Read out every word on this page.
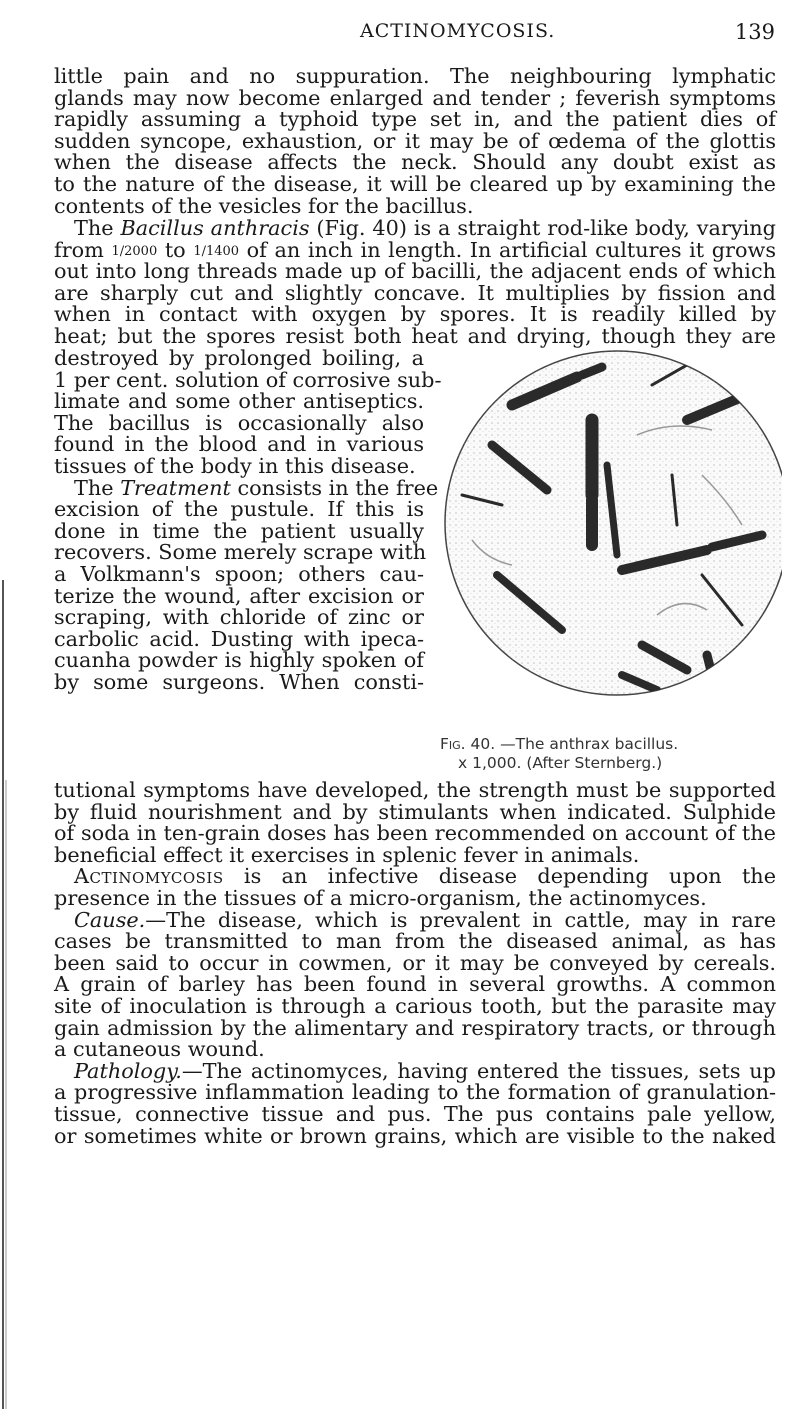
ACTINOMYCOSIS.	139
little pain and no suppuration. The neighbouring lymphatic
glands may now become enlarged and tender ; feverish symptoms
rapidly assuming a typhoid type set in, and the patient dies of
sudden syncope, exhaustion, or it may be of œdema of the glottis
when the disease affects the neck. Should any doubt exist as
to the nature of the disease, it will be cleared up by examining the
contents of the vesicles for the bacillus.
The Bacillus anthracis (Fig. 40) is a straight rod-like body, varying
from 1/2000 to 1/1400 of an inch in length. In artificial cultures it grows
out into long threads made up of bacilli, the adjacent ends of which
are sharply cut and slightly concave. It multiplies by fission and
when in contact with oxygen by spores. It is readily killed by
heat; but the spores resist both heat and drying, though they are
destroyed by prolonged boiling, a
1 per cent. solution of corrosive sub-
limate and some other antiseptics.
The bacillus is occasionally also
found in the blood and in various
tissues of the body in this disease.
The Treatment consists in the free
excision of the pustule. If this is
done in time the patient usually
recovers. Some merely scrape with
a Volkmann's spoon; others cau-
terize the wound, after excision or
scraping, with chloride of zinc or
carbolic acid. Dusting with ipeca-
cuanha powder is highly spoken of
by some surgeons. When consti-
Fig. 40. —The anthrax bacillus.
x 1,000. (After Sternberg.)
tutional symptoms have developed, the strength must be supported
by fluid nourishment and by stimulants when indicated. Sulphide
of soda in ten-grain doses has been recommended on account of the
beneficial effect it exercises in splenic fever in animals.
Actinomycosis is an infective disease depending upon the
presence in the tissues of a micro-organism, the actinomyces.
Cause.—The disease, which is prevalent in cattle, may in rare
cases be transmitted to man from the diseased animal, as has
been said to occur in cowmen, or it may be conveyed by cereals.
A grain of barley has been found in several growths. A common
site of inoculation is through a carious tooth, but the parasite may
gain admission by the alimentary and respiratory tracts, or through
a cutaneous wound.
Pathology.—The actinomyces, having entered the tissues, sets up
a progressive inflammation leading to the formation of granulation-
tissue, connective tissue and pus. The pus contains pale yellow,
or sometimes white or brown grains, which are visible to the naked
